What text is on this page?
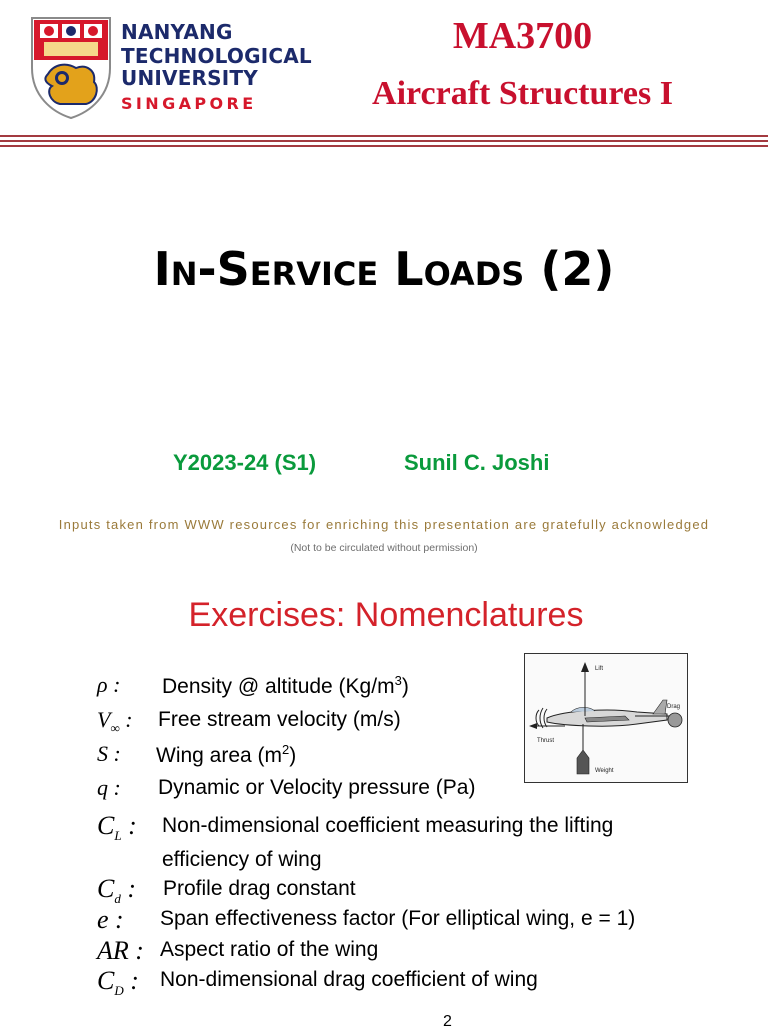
NANYANG
TECHNOLOGICAL
UNIVERSITY
SINGAPORE
MA3700
Aircraft Structures I
In-Service Loads (2)
Y2023-24 (S1)	Sunil C. Joshi
Inputs taken from WWW resources for enriching this presentation are gratefully acknowledged
(Not to be circulated without permission)
Exercises: Nomenclatures
ρ : Density @ altitude $(Kg/m^3)$
$V_\infty$ : Free stream velocity (m/s)
S : Wing area $(m^2)$
q : Dynamic or Velocity pressure (Pa)
$C_L$ : Non-dimensional coefficient measuring the lifting
efficiency of wing
$C_d$ : Profile drag constant
e : Span effectiveness factor (For elliptical wing, e = 1)
AR : Aspect ratio of the wing
$C_D$ : Non-dimensional drag coefficient of wing
Lift
Drag
Thrust
Weight
2
